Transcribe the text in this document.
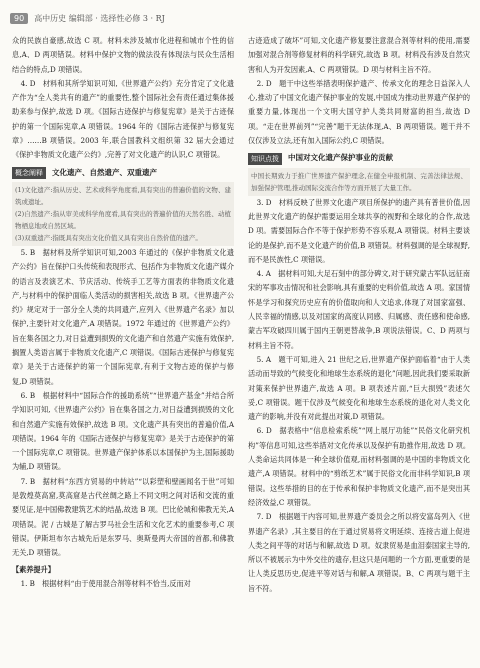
90	高中历史 编辑部 · 选择性必修 3 · RJ

众的民族自豪感,故选 C 项。材料未涉及城市化进程和城市个性的信息,A、D 两项错误。材料中保护文物的做法没有体现法与民众生活相结合的特点,D 项错误。

4. D　材料和其所学知识可知,《世界遗产公约》充分肯定了文化遗产作为“全人类共有的遗产”的重要性,整个国际社会有责任通过集体援助来参与保护,故选 D 项。《国际古迹保护与修复宪章》是关于古迹保护的第一个国际宪章,A 项错误。1964 年的《国际古迹保护与修复宪章》……B 项错误。2003 年,联合国教科文组织第 32 届大会通过《保护非物质文化遗产公约》,完善了对文化遗产的认识,C 项错误。

概念阐释	文化遗产、自然遗产、双重遗产

(1)文化遗产:指从历史、艺术或科学角度看,具有突出的普遍价值的文物、建筑或遗址。

(2)自然遗产:指从审美或科学角度看,具有突出的普遍价值的天然名胜、动植物栖息地或自然区域。

(3)双重遗产:指既具有突出文化价值又具有突出自然价值的遗产。

5. B　据材料及所学知识可知,2003 年通过的《保护非物质文化遗产公约》旨在保护口头传统和表现形式、包括作为非物质文化遗产媒介的语言及表演艺术、节庆活动、传统手工艺等方面表的非物质文化遗产,与材料中的保护面临人类活动的损害相关,故选 B 项。《世界遗产公约》规定对于一部分全人类的共同遗产,应列入《世界遗产名录》加以保护,主要针对文化遗产,A 项错误。1972 年通过的《世界遗产公约》旨在集各国之力,对日益遭到损毁的文化遗产和自然遗产实施有效保护,搁置人类语言属于非物质文化遗产,C 项错误。《国际古迹保护与修复宪章》是关于古迹保护的第一个国际宪章,有利于文物古迹的保护与修复,D 项错误。

6. B　根据材料中“国际合作的援助系统”“世界遗产基金”并结合所学知识可知,《世界遗产公约》旨在集各国之力,对日益遭到损毁的文化和自然遗产实施有效保护,故选 B 项。文化遗产具有突出的普遍价值,A 项错误。1964 年的《国际古迹保护与修复宪章》是关于古迹保护的第一个国际宪章,C 项错误。世界遗产保护体系以本国保护为主,国际援助为辅,D 项错误。

7. B　据材料“东西方贸易的中转站”“以彩塑和壁画闻名于世”可知是敦煌莫高窟,莫高窟是古代丝绸之路上不同文明之间对话和交流的重要见证,是中国佛教建筑艺术的结晶,故选 B 项。巴比伦城和佛教无关,A 项错误。泥 / 古城是了解古罗马社会生活和文化艺术的重要参考,C 项错误。伊斯坦布尔古城先后是东罗马、奥斯曼两大帝国的首都,和佛教无关,D 项错误。

【素养提升】

1. B　根据材料“由于使用混合剂等材料不恰当,反而对

古迹造成了破坏”可知,文化遗产修复要注意混合剂等材料的使用,需要加强对混合剂等修复材料的科学研究,故选 B 项。材料没有涉及自然灾害和人为开发因素,A、C 两项错误。D 项与材料主旨不符。

2. D　题干中这些举措表明保护遗产、传承文化的理念日益深入人心,推动了中国文化遗产保护事业的发展,中国成为推动世界遗产保护的重要力量,体现出一个文明大国守护人类共同财富的担当,故选 D 项。“走在世界前列”“完善”题干无法体现,A、B 两项错误。题干并不仅仅涉及立法,还有加入国际公约,C 项错误。

知识点拨	中国对文化遗产保护事业的贡献

中国长期致力于推广世界遗产保护理念,在健全申报机制、完善法律法规、加强保护管理,推动国际交流合作等方面开展了大量工作。

3. D　材料反映了世界文化遗产项目所保护的遗产具有普世价值,因此世界文化遗产的保护需要运用全球共享的视野和全球化的合作,故选 D 项。需要国际合作不等于保护形势不容乐观,A 项错误。材料主要谈论的是保护,而不是文化遗产的价值,B 项错误。材料强调的是全球视野,而不是民族性,C 项错误。

4. A　据材料可知,大足石刻中的部分碑文,对于研究蒙古军队远征南宋的军事攻击情况和社会影响,具有重要的史料价值,故选 A 项。家国情怀是学习和探究历史应有的价值取向和人文追求,体现了对国家富强、人民幸福的情感,以及对国家的高度认同感、归属感、责任感和使命感,蒙古军攻破四川属于国内王朝更替战争,B 项说法错误。C、D 两项与材料主旨不符。

5. A　题干可知,进入 21 世纪之后,世界遗产保护面临着“由于人类活动而导致的气候变化和地球生态系统的退化”问题,因此我们要采取新对策来保护世界遗产,故选 A 项。B 项表述片面,“巨大损毁”表述欠妥,C 项错误。题干仅涉及气候变化和地球生态系统的退化对人类文化遗产的影响,并没有对此提出对策,D 项错误。

6. D　据表格中“信息检索系统”“网上展厅功能”“民俗文化研究机构”等信息可知,这些举措对文化传承以及保护有助推作用,故选 D 项。人类命运共同体是一种全球价值观,而材料强调的是中国的非物质文化遗产,A 项错误。材料中的“剪纸艺术”属于民俗文化而非科学知识,B 项错误。这些举措的目的在于传承和保护非物质文化遗产,而不是突出其经济效益,C 项错误。

7. D　根据题干内容可知,世界遗产委员会之所以将安富岛列入《世界遗产名录》,其主要目的在于通过贸易将文明延续、连接古道上促进人类之间平等的对话与和解,故选 D 项。奴隶贸易是血泪泰国家主导的,所以不被展示为中外交往的遗存,但这只是问题的一个方面,更重要的是让人类反思历史,促进平等对话与和解,A 项错误。B、C 两项与题干主旨不符。
